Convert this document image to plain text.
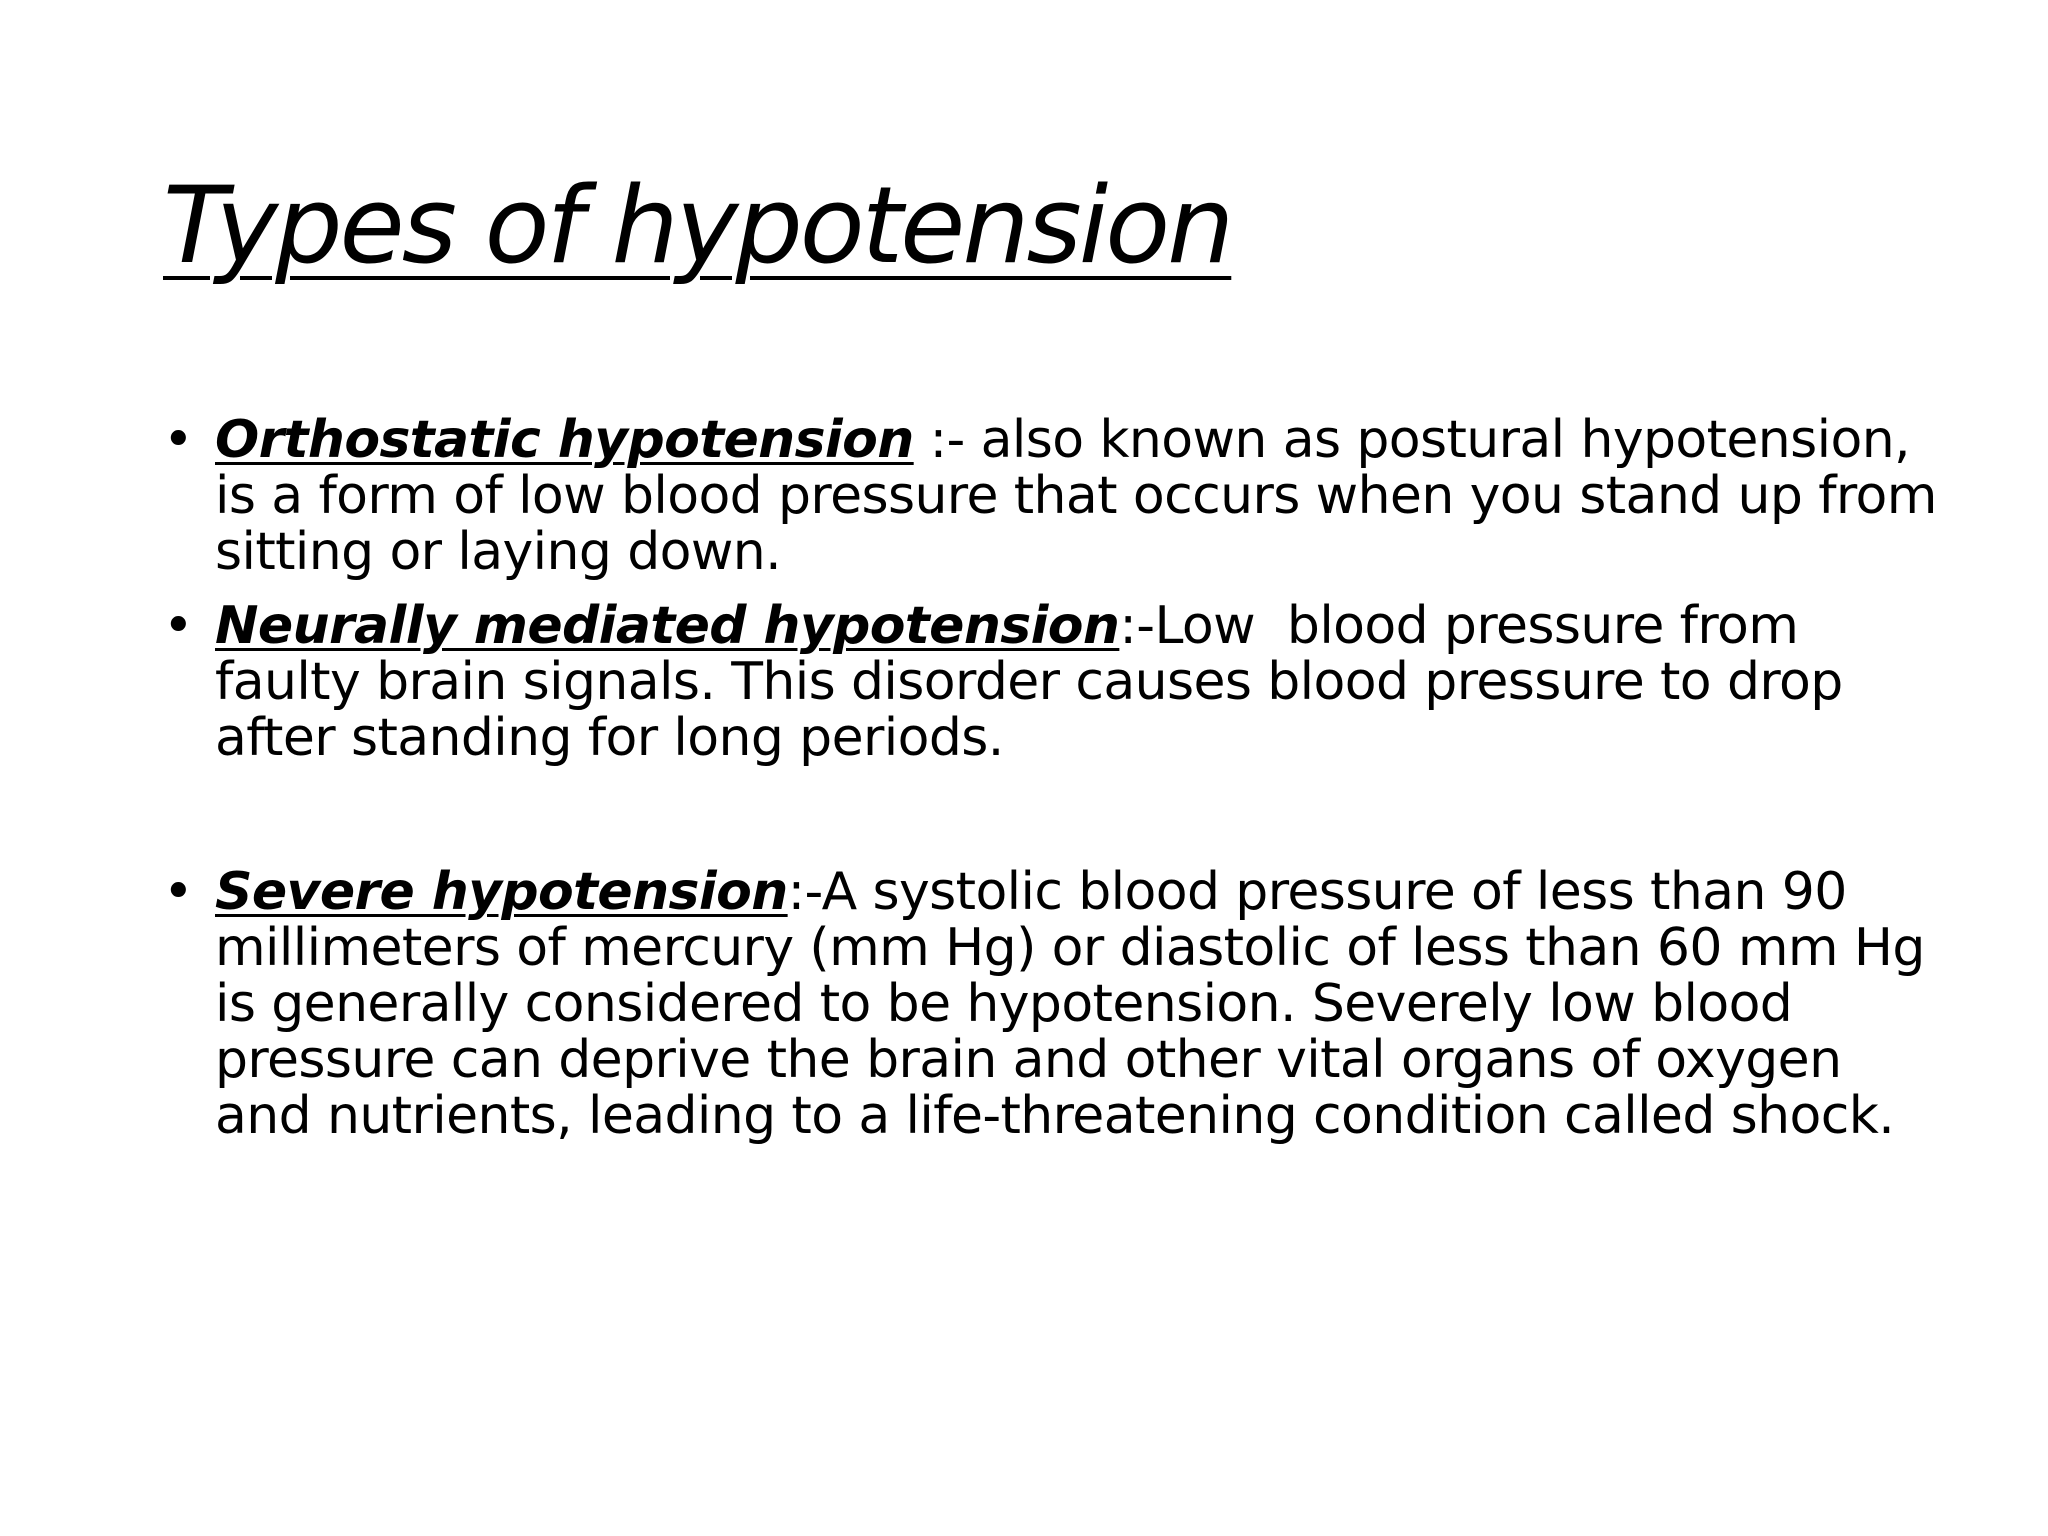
Types of hypotension
• Orthostatic hypotension :- also known as postural hypotension, is a form of low blood pressure that occurs when you stand up from sitting or laying down.
• Neurally mediated hypotension:-Low  blood pressure from faulty brain signals. This disorder causes blood pressure to drop after standing for long periods.
• Severe hypotension:-A systolic blood pressure of less than 90 millimeters of mercury (mm Hg) or diastolic of less than 60 mm Hg is generally considered to be hypotension. Severely low blood pressure can deprive the brain and other vital organs of oxygen and nutrients, leading to a life-threatening condition called shock.
